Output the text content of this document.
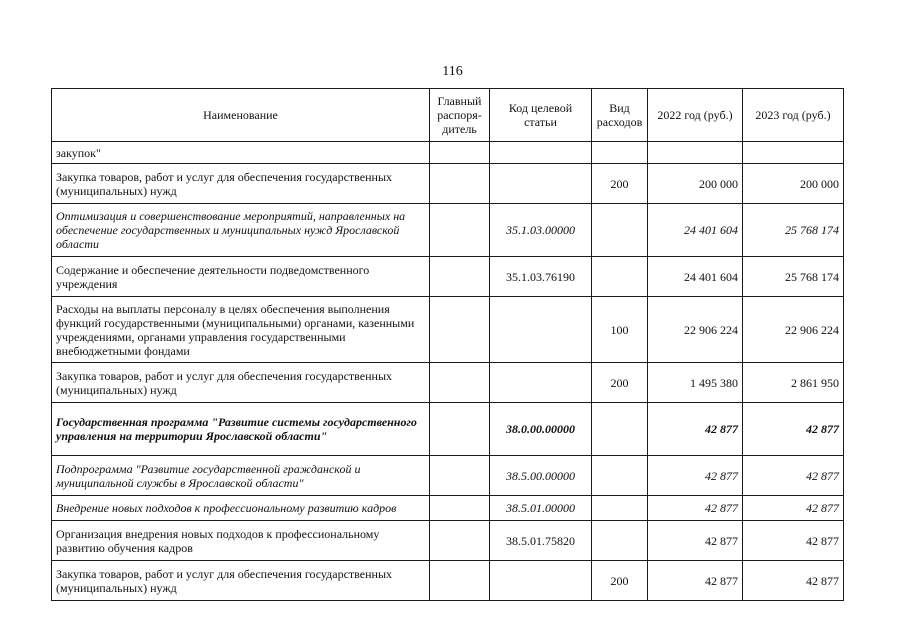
116
Наименование	Главный распоря-дитель	Код целевой статьи	Вид расходов	2022 год (руб.)	2023 год (руб.)
закупок"					
Закупка товаров, работ и услуг для обеспечения государственных (муниципальных) нужд			200	200 000	200 000
Оптимизация и совершенствование мероприятий, направленных на обеспечение государственных и муниципальных нужд Ярославской области		35.1.03.00000		24 401 604	25 768 174
Содержание и обеспечение деятельности подведомственного учреждения		35.1.03.76190		24 401 604	25 768 174
Расходы на выплаты персоналу в целях обеспечения выполнения функций государственными (муниципальными) органами, казенными учреждениями, органами управления государственными внебюджетными фондами			100	22 906 224	22 906 224
Закупка товаров, работ и услуг для обеспечения государственных (муниципальных) нужд			200	1 495 380	2 861 950
Государственная программа "Развитие системы государственного управления на территории Ярославской области"		38.0.00.00000		42 877	42 877
Подпрограмма "Развитие государственной гражданской и муниципальной службы в Ярославской области"		38.5.00.00000		42 877	42 877
Внедрение новых подходов к профессиональному развитию кадров		38.5.01.00000		42 877	42 877
Организация внедрения новых подходов к профессиональному развитию обучения кадров		38.5.01.75820		42 877	42 877
Закупка товаров, работ и услуг для обеспечения государственных (муниципальных) нужд			200	42 877	42 877
